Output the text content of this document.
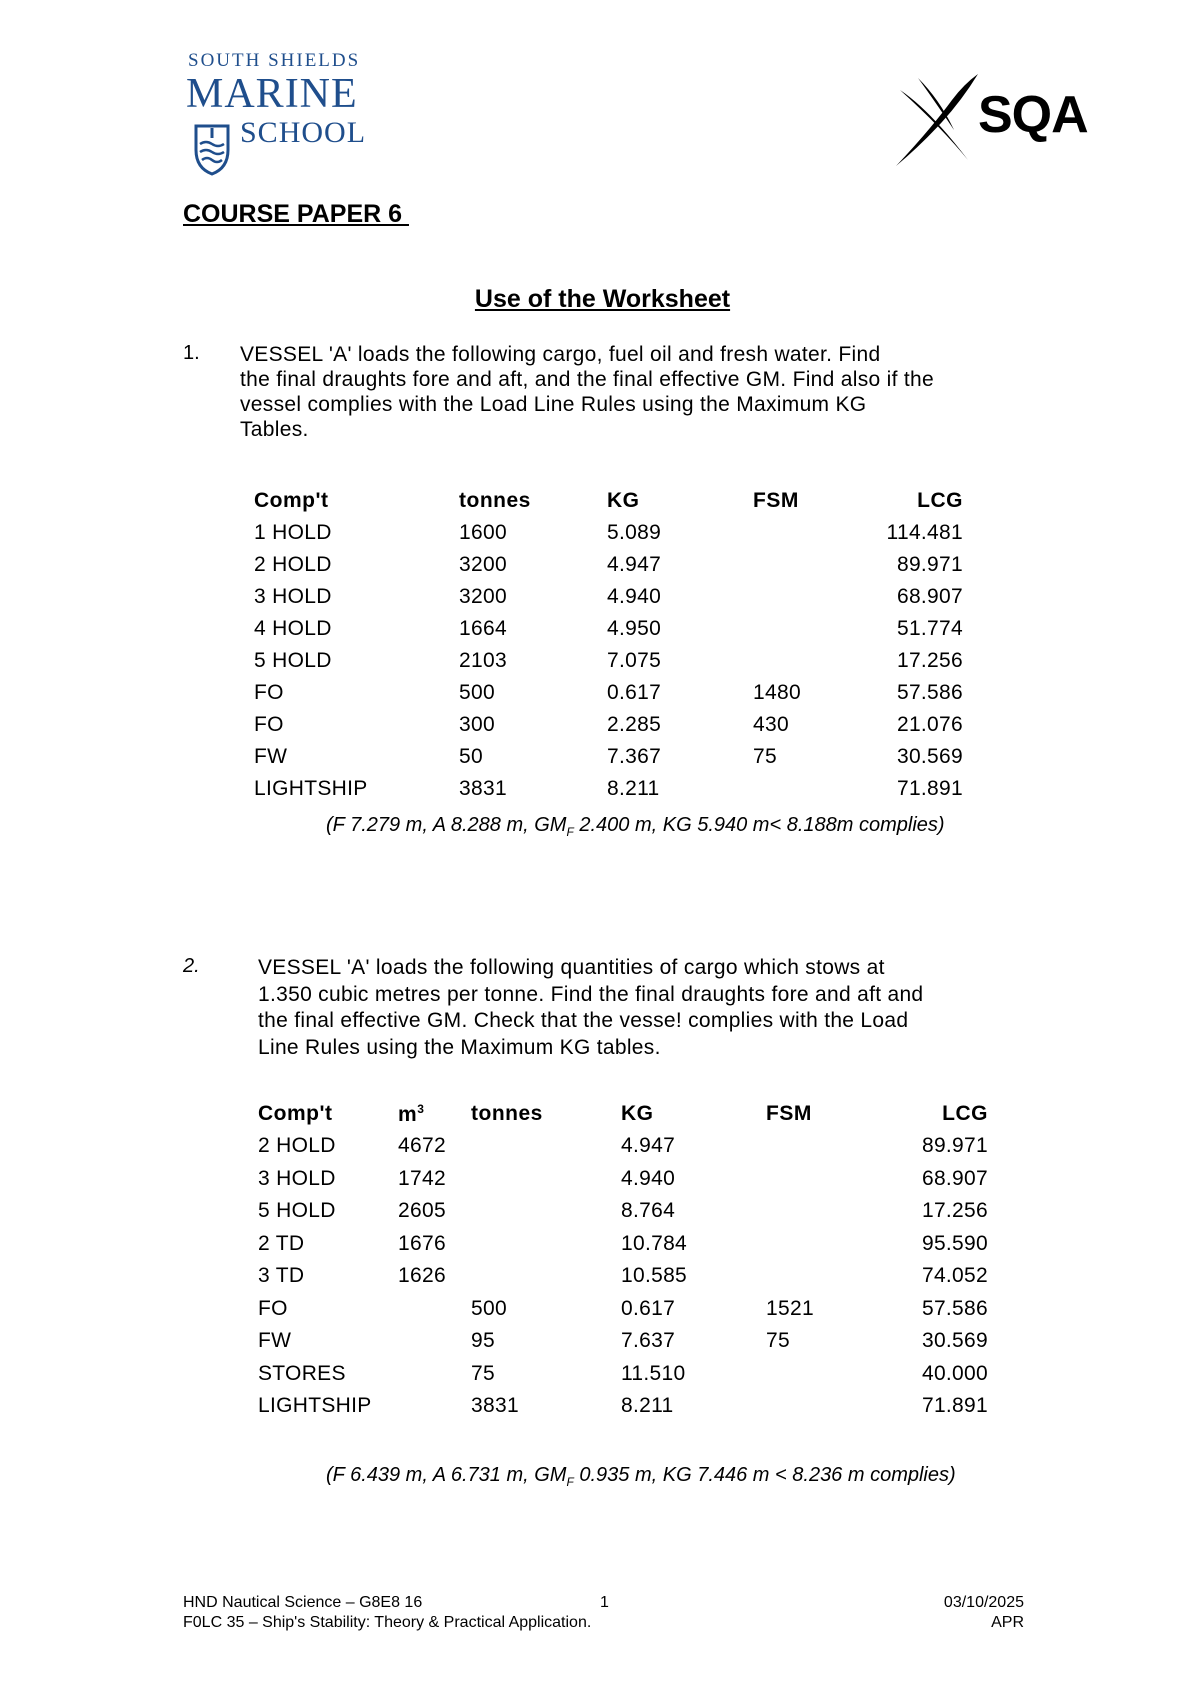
SOUTH SHIELDS
MARINE
SCHOOL	SQA
COURSE PAPER 6
Use of the Worksheet
1. VESSEL 'A' loads the following cargo, fuel oil and fresh water. Find
the final draughts fore and aft, and the final effective GM. Find also if the
vessel complies with the Load Line Rules using the Maximum KG
Tables.
Comp't	tonnes	KG	FSM	LCG
1 HOLD	1600	5.089		114.481
2 HOLD	3200	4.947		89.971
3 HOLD	3200	4.940		68.907
4 HOLD	1664	4.950		51.774
5 HOLD	2103	7.075		17.256
FO	500	0.617	1480	57.586
FO	300	2.285	430	21.076
FW	50	7.367	75	30.569
LIGHTSHIP	3831	8.211		71.891
(F 7.279 m, A 8.288 m, $GM_F$ 2.400 m, KG 5.940 m< 8.188m complies)
2.	VESSEL 'A' loads the following quantities of cargo which stows at
1.350 cubic metres per tonne. Find the final draughts fore and aft and
the final effective GM. Check that the vesse! complies with the Load
Line Rules using the Maximum KG tables.
Comp't	$m^3$	tonnes	KG	FSM	LCG
2 HOLD	4672		4.947		89.971
3 HOLD	1742		4.940		68.907
5 HOLD	2605		8.764		17.256
2 TD	1676		10.784		95.590
3 TD	1626		10.585		74.052
FO		500	0.617	1521	57.586
FW		95	7.637	75	30.569
STORES		75	11.510		40.000
LIGHTSHIP		3831	8.211		71.891
(F 6.439 m, A 6.731 m, $GM_F$ 0.935 m, KG 7.446 m < 8.236 m complies)
HND Nautical Science – G8E8 16
F0LC 35 – Ship's Stability: Theory & Practical Application.
1	03/10/2025
APR
